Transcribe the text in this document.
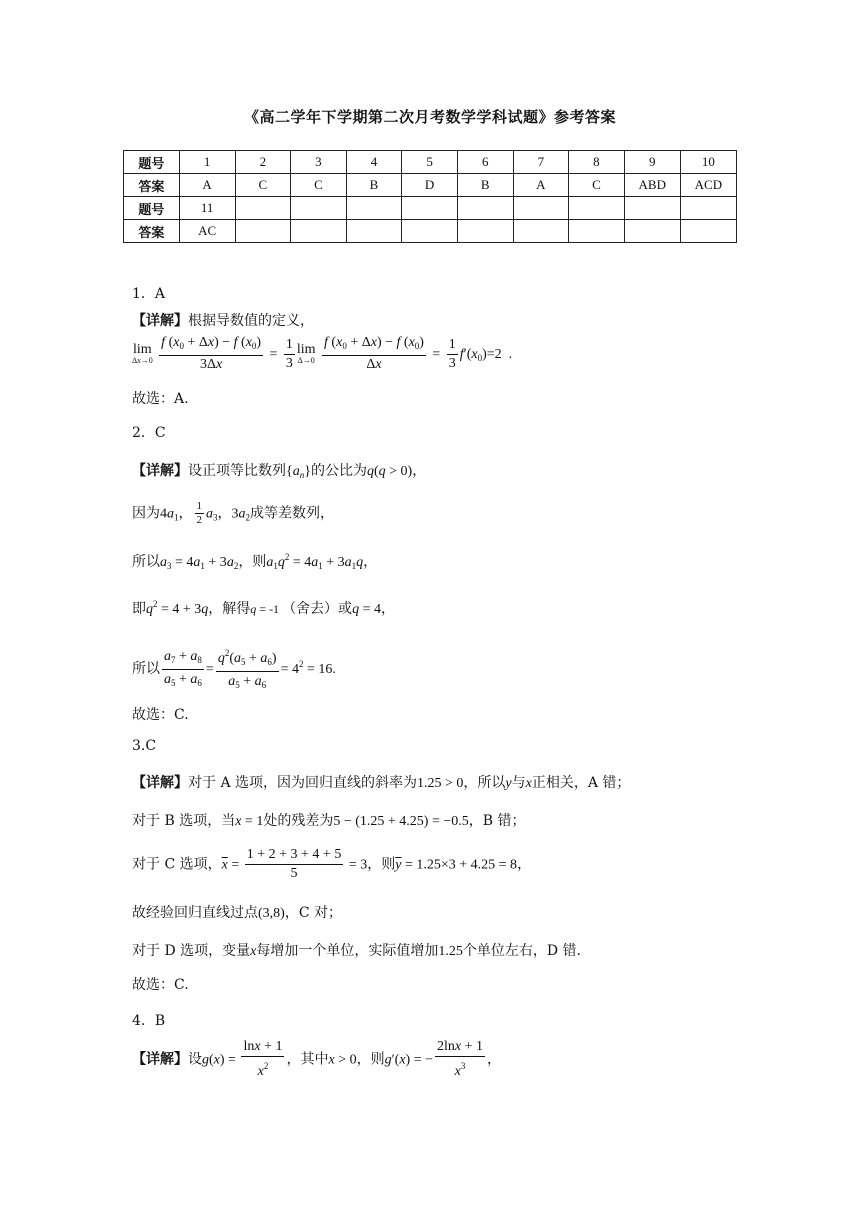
《高二学年下学期第二次月考数学学科试题》参考答案
题号	1	2	3	4	5	6	7	8	9	10
答案	A	C	C	B	D	B	A	C	ABD	ACD
题号	11									
答案	AC									
1．A
【详解】根据导数值的定义，
lim
Δx→0
$\frac{f (x_0 + \Delta x) - f (x_0)}{3\Delta x} = \frac{1}{3}$ lim
Δ→0
$\frac{f (x_0 + \Delta x) - f (x_0)}{\Delta x} = \frac{1}{3} f'(x_0)=2$  .
故选：A.
2．C
【详解】设正项等比数列$\{a_n\}$的公比为q(q > 0)，
因为$4a_1$， $\frac{1}{2} a_3$，$3a_2$成等差数列，
所以$a_3 = 4a_1 + 3a_2$，则$a_1q^2 = 4a_1 + 3a_1q$，
即$q^2 = 4 + 3q$，解得q = -1 （舍去）或q = 4，
所以 $\frac{a_7 + a_8}{a_5 + a_6} = \frac{q^2(a_5 + a_6)}{a_5 + a_6} = 4^2 = 16$.
故选：C.
3.C
【详解】对于 A 选项，因为回归直线的斜率为1.25 > 0，所以y与x正相关，A 错；
对于 B 选项，当x = 1处的残差为5 − (1.25 + 4.25) = −0.5，B 错；
对于 C 选项，$\overline{x} = \frac{1 + 2 + 3 + 4 + 5}{5} = 3$，则$\overline{y} = 1.25\times 3 + 4.25 = 8$，
故经验回归直线过点(3,8)，C 对；
对于 D 选项，变量x每增加一个单位，实际值增加1.25个单位左右，D 错.
故选：C.
4．B
【详解】设$g(x) = \frac{\ln x + 1}{x^2}$ ，其中x > 0，则g′(x) = − $\frac{2\ln x + 1}{x^3}$ ，
